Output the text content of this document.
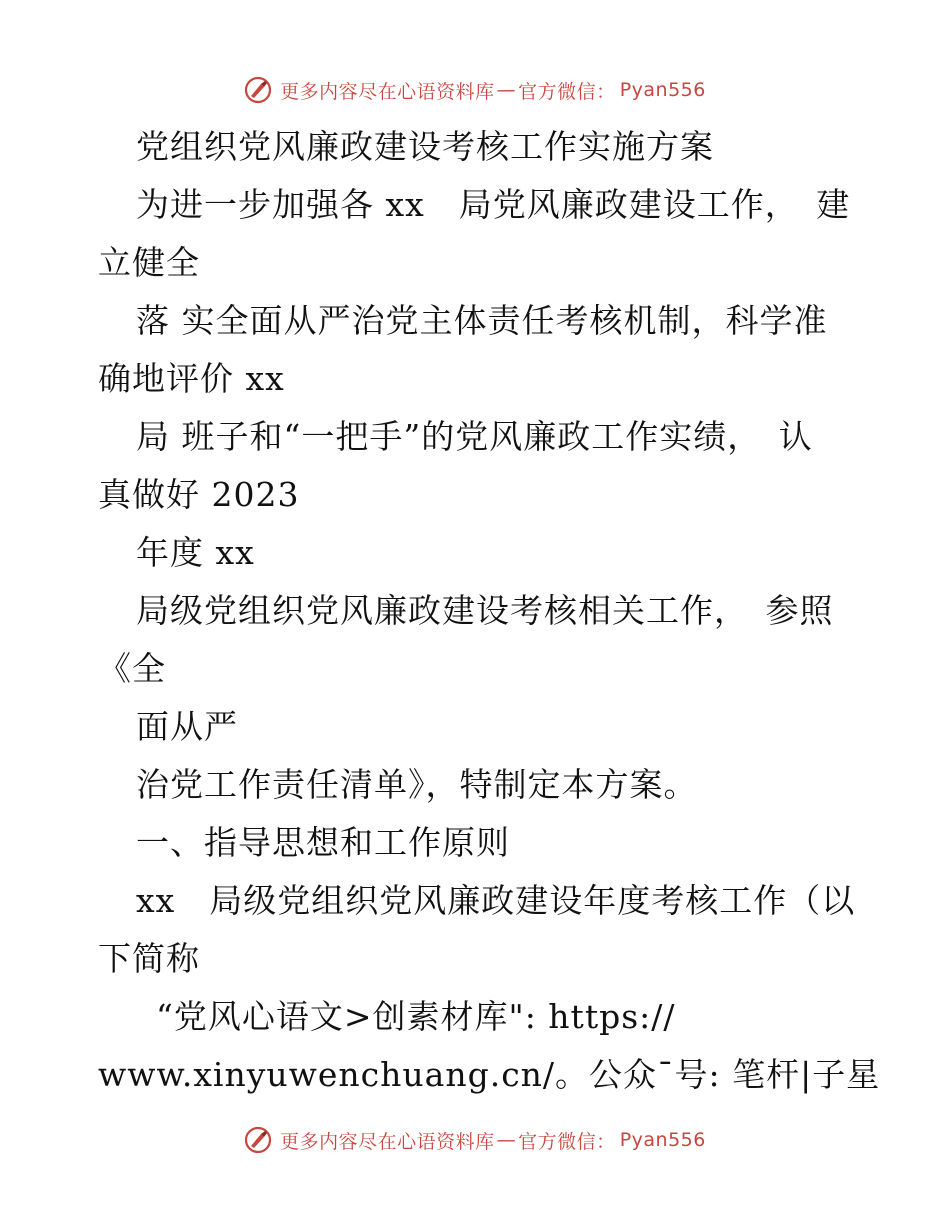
更多内容尽在心语资料库 — 官方微信： Pyan556
党组织党风廉政建设考核工作实施方案
为进一步加强各 xx　局党风廉政建设工作，　建
立健全
落 实全面从严治党主体责任考核机制，科学准
确地评价 xx
局 班子和“一把手”的党风廉政工作实绩，　认
真做好 2023
年度 xx
局级党组织党风廉政建设考核相关工作，　参照
《全
面从严
治党工作责任清单》，特制定本方案。
一、指导思想和工作原则
xx　局级党组织党风廉政建设年度考核工作（以
下简称
“党风心语文>创素材库": https://
www.xinyuwenchuang.cn/。公众¯号: 笔杆|子星
更多内容尽在心语资料库 — 官方微信： Pyan556
